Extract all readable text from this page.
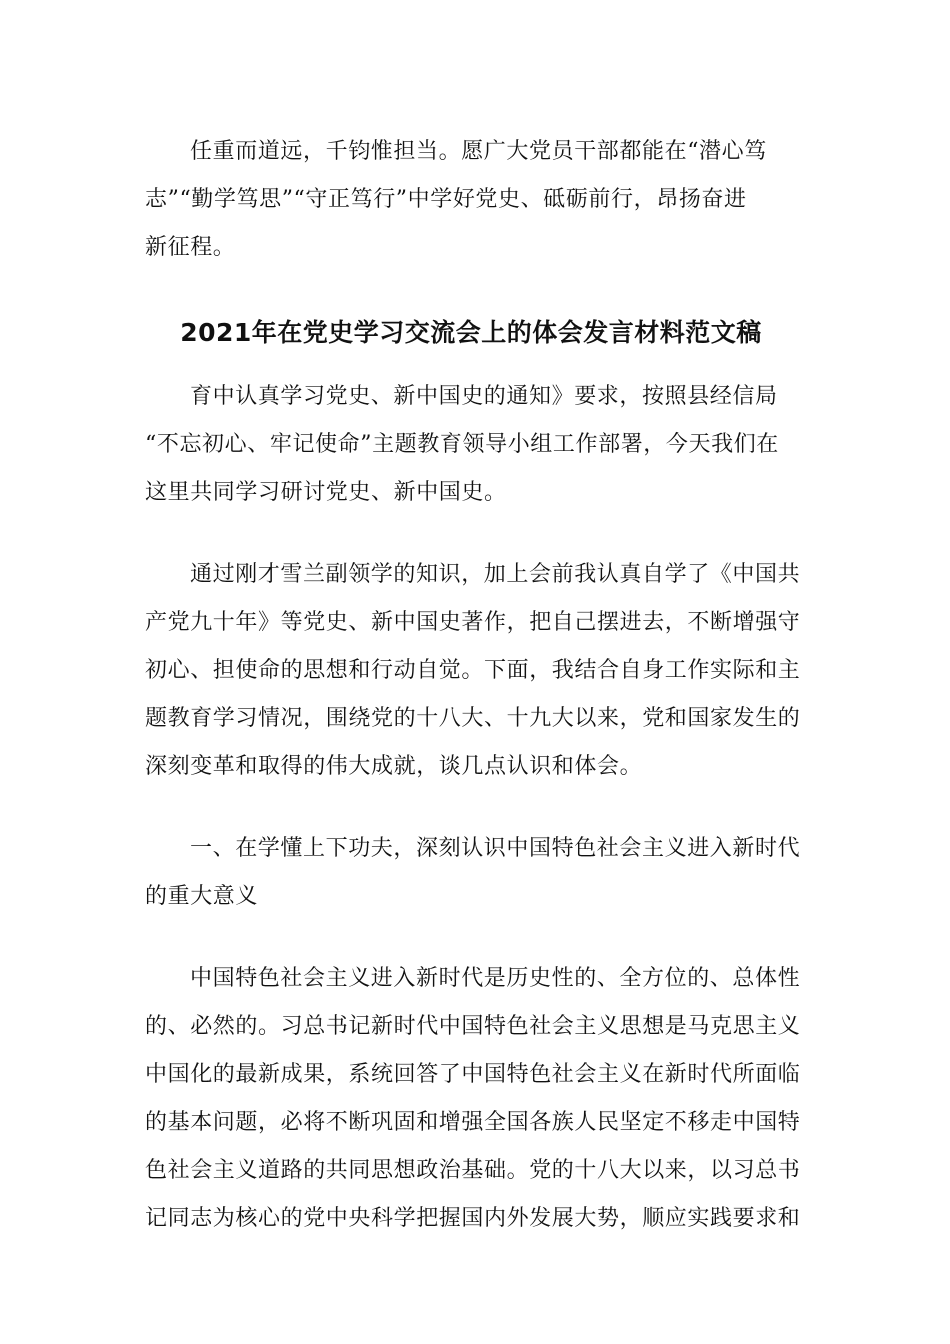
任重而道远，千钧惟担当。愿广大党员干部都能在“潜心笃
志”“勤学笃思”“守正笃行”中学好党史、砥砺前行，昂扬奋进
新征程。

2021年在党史学习交流会上的体会发言材料范文稿

育中认真学习党史、新中国史的通知》要求，按照县经信局
“不忘初心、牢记使命”主题教育领导小组工作部署，今天我们在
这里共同学习研讨党史、新中国史。

通过刚才雪兰副领学的知识，加上会前我认真自学了《中国共
产党九十年》等党史、新中国史著作，把自己摆进去，不断增强守
初心、担使命的思想和行动自觉。下面，我结合自身工作实际和主
题教育学习情况，围绕党的十八大、十九大以来，党和国家发生的
深刻变革和取得的伟大成就，谈几点认识和体会。

一、在学懂上下功夫，深刻认识中国特色社会主义进入新时代
的重大意义

中国特色社会主义进入新时代是历史性的、全方位的、总体性
的、必然的。习总书记新时代中国特色社会主义思想是马克思主义
中国化的最新成果，系统回答了中国特色社会主义在新时代所面临
的基本问题，必将不断巩固和增强全国各族人民坚定不移走中国特
色社会主义道路的共同思想政治基础。党的十八大以来，以习总书
记同志为核心的党中央科学把握国内外发展大势，顺应实践要求和
